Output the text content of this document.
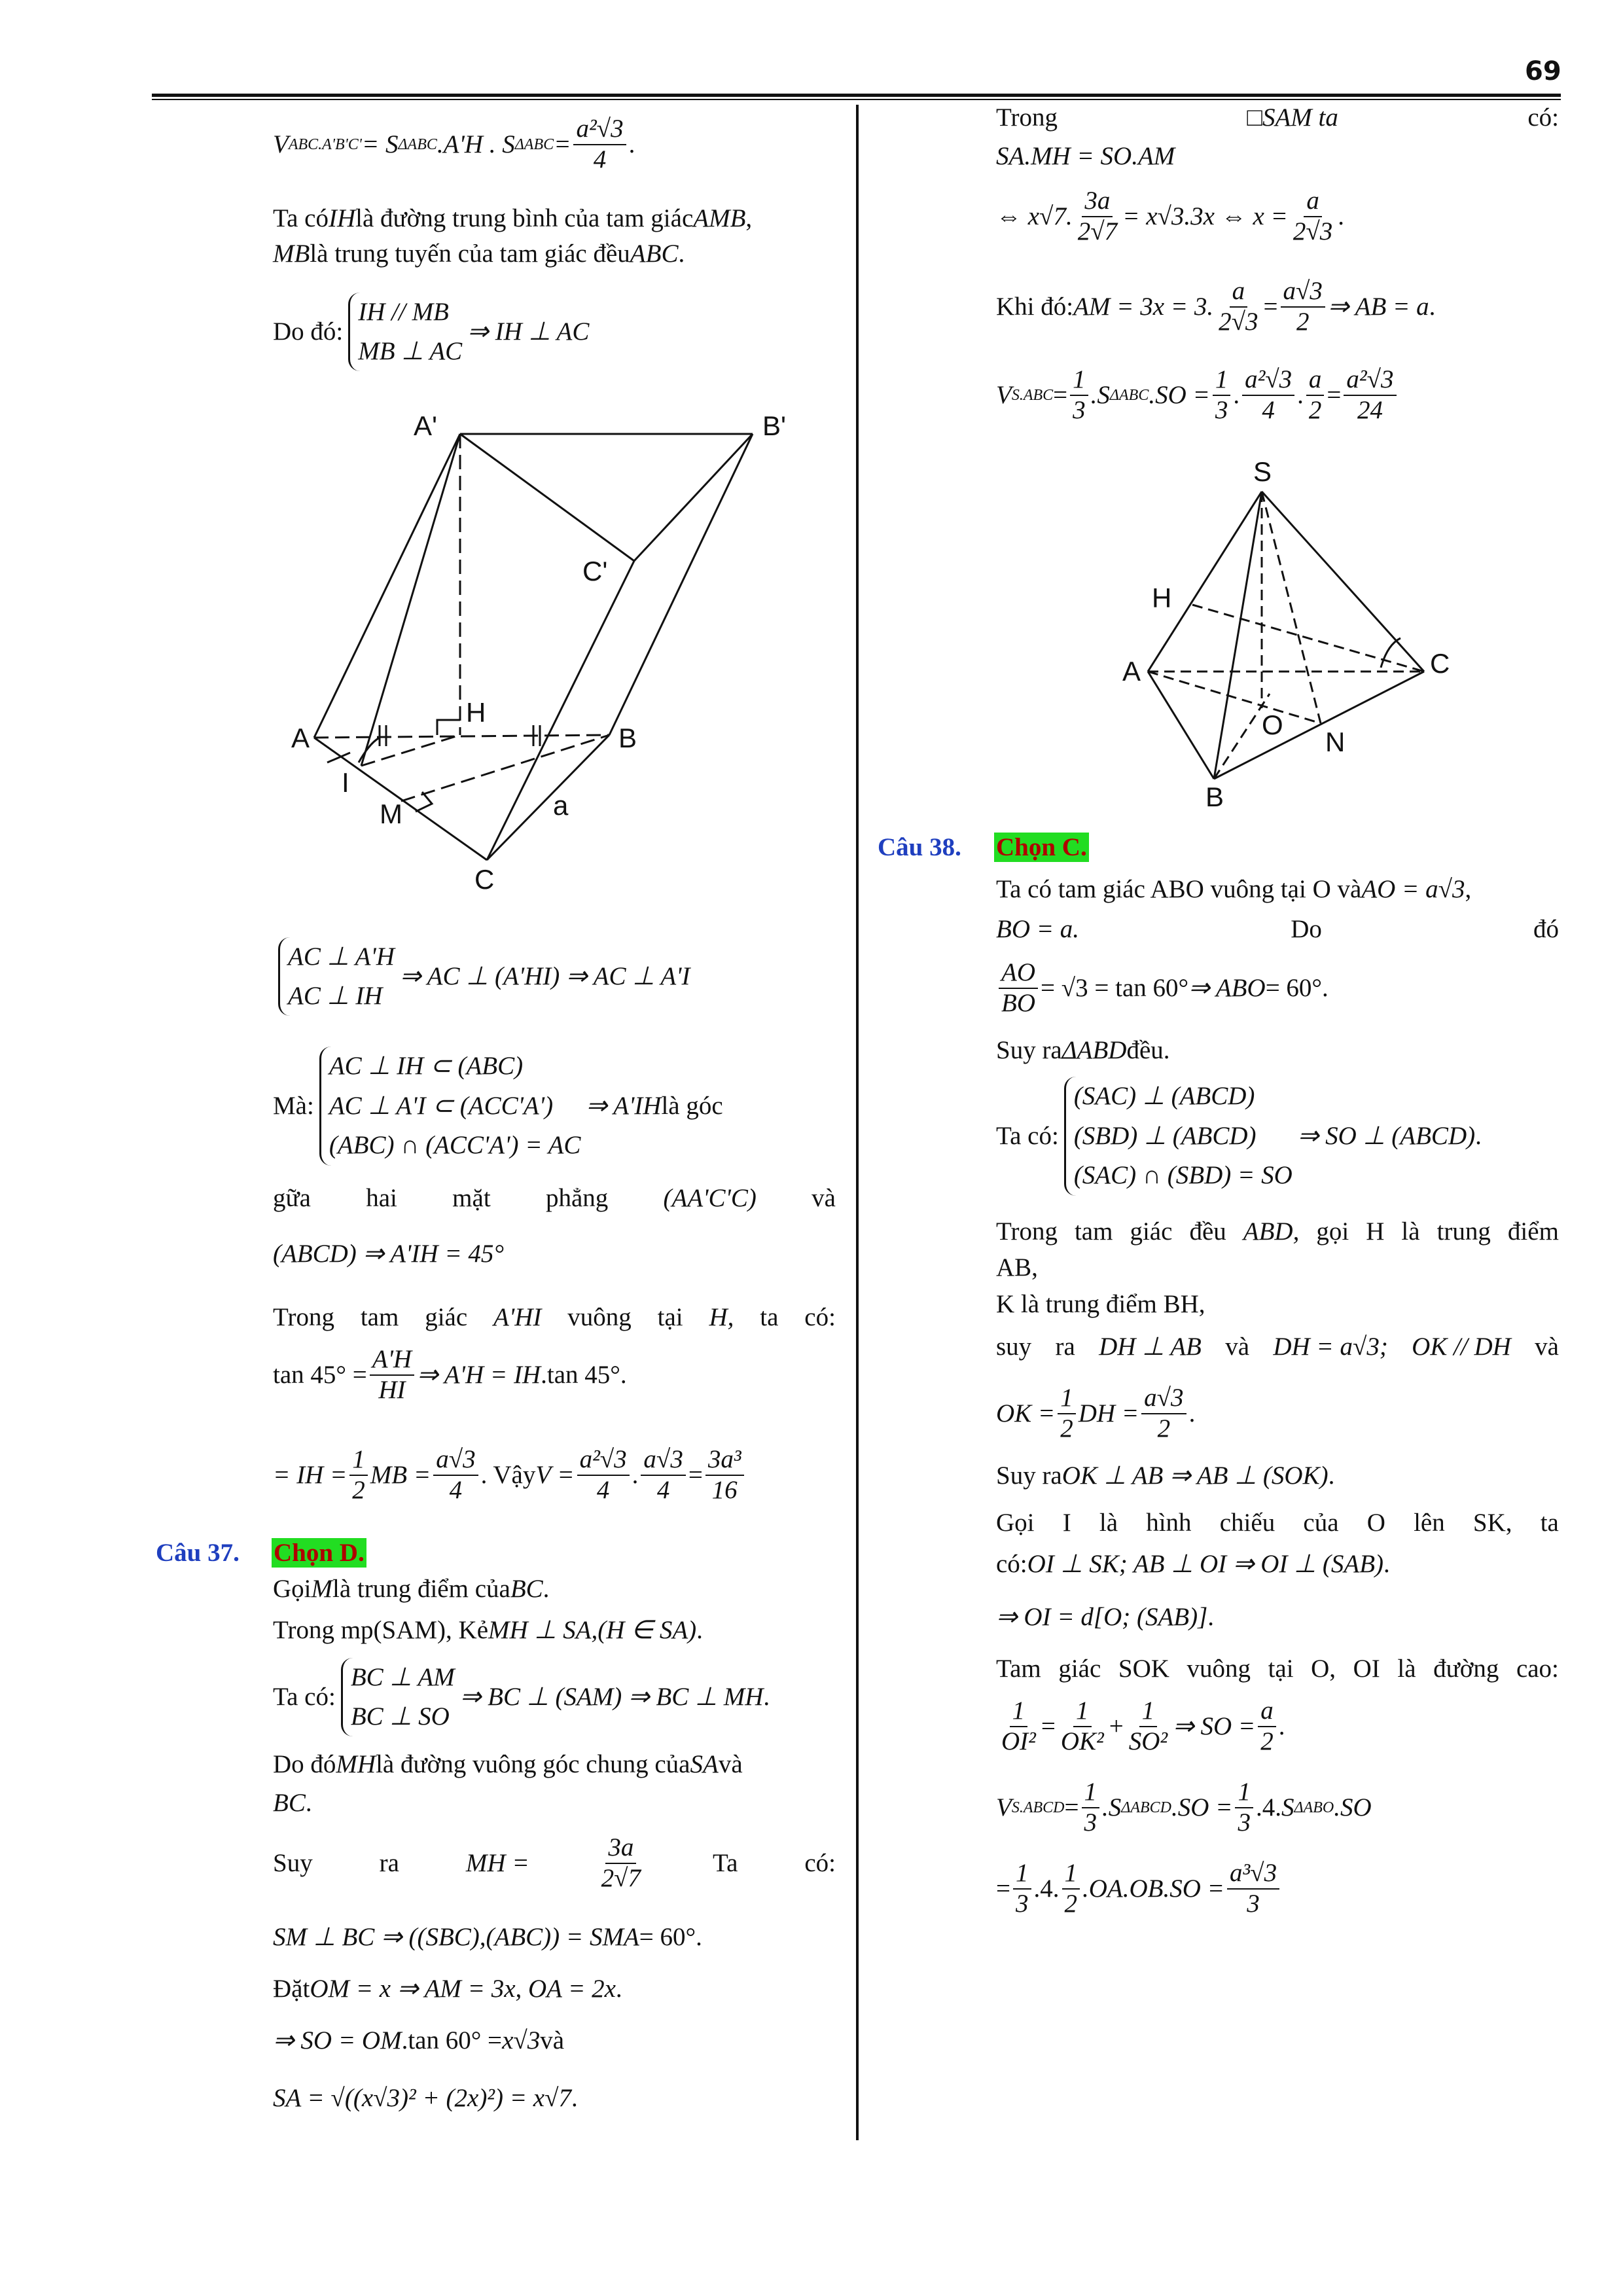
69
Câu 37. Chọn D.
Câu 38. Chọn C.
A'	B'
C'
H
A	B
I
M	a
C
S
H
A	C
O
N
B
V ABC.A'B'C' = S ΔABC .A'H . S $\Delta ABC = \frac{\text{a²√3}}{4}$ .
Ta có IH là đường trung bình của tam giác AMB ,
MB là trung tuyến của tam giác đều ABC .
Do đó:
IH // MB
MB ⊥ AC
⇒ IH ⊥ AC
AC ⊥ A'H
AC ⊥ IH
⇒ AC ⊥ (A'HI) ⇒ AC ⊥ A'I
Mà:
AC ⊥ IH ⊂ (ABC)
AC ⊥ A'I ⊂ (ACC'A')
(ABC) ∩ (ACC'A') = AC
⇒ A'IH là góc
gữa hai mặt phẳng (AA'C'C) và
(ABCD) ⇒ A'IH = 45°
Trong tam giác A'HI vuông tại H, ta có:
$\tan 45^\circ = \frac{A'H}{HI}$ ⇒ A'H = IH .tan 45°.
= IH = $\frac{1}{2}$ MB = $\frac{a√3}{4}$ . Vậy $V = \frac{\text{a²√3}}{4}$ . $\frac{a√3}{4} = \frac{\text{3a³}}{16}$
Gọi M là trung điểm của BC .
Trong mp(SAM), Kẻ MH ⊥ SA,(H ∈ SA) .
Ta có:
BC ⊥ AM
BC ⊥ SO
⇒ BC ⊥ (SAM) ⇒ BC ⊥ MH .
Do đó MH là đường vuông góc chung của SA và
BC .
Suy	ra	MH =	$\frac{3a}{2√7}$	Ta	có:
SM ⊥ BC ⇒ ((SBC),(ABC)) = SMA = 60°.
Đặt OM = x ⇒ AM = 3x, OA = 2x .
⇒ SO = OM .tan 60° = x√3 và
SA = √((x√3)² + (2x)²) = x√7 .
Trong	□SAM ta	có:
SA.MH = SO.AM
⇔ x√7. $\frac{3a}{2√7} = x√3.3x$ ⇔ $x = \frac{a}{2√3}$ .
Khi đó: AM = 3x = 3. $\frac{a}{2√3} = \frac{a√3}{2}$ ⇒ AB = a .
V $S.ABC = \frac{1}{3} .S$ ΔABC $.SO = \frac{1}{3}$ . $\frac{\text{a²√3}}{4}$ . $\frac{a}{2} = \frac{\text{a²√3}}{24}$
Ta có tam giác ABO vuông tại O và AO = a√3 ,
BO = a.	Do	đó
$\frac{AO}{BO} = √3 = \tan 60^\circ$ ⇒ ABO = 60°.
Suy ra ΔABD đều.
Ta có:
(SAC) ⊥ (ABCD)
(SBD) ⊥ (ABCD)
(SAC) ∩ (SBD) = SO
⇒ SO ⊥ (ABCD) .
Trong tam giác đều ABD, gọi H là trung điểm
AB,
K là trung điểm BH,
suy ra DH ⊥ AB và DH = a√3; OK // DH và
OK = $\frac{1}{2}$ DH = $\frac{a√3}{2}$ .
Suy ra OK ⊥ AB ⇒ AB ⊥ (SOK) .
Gọi I là hình chiếu của O lên SK, ta
có: OI ⊥ SK; AB ⊥ OI ⇒ OI ⊥ (SAB) .
⇒ OI = d[O; (SAB)] .
Tam giác SOK vuông tại O, OI là đường cao:
$\frac{1}{\text{OI²}} = \frac{1}{\text{OK²}} + \frac{1}{\text{SO²}}$ ⇒ SO = $\frac{a}{2}$ .
V S.ABCD = $\frac{1}{3} .S$ ΔABCD $.SO = \frac{1}{3} .4$. S ΔABO .SO
= $\frac{1}{3} .4$. $\frac{1}{2} .OA.OB.SO = \frac{\text{a³√3}}{3}$
